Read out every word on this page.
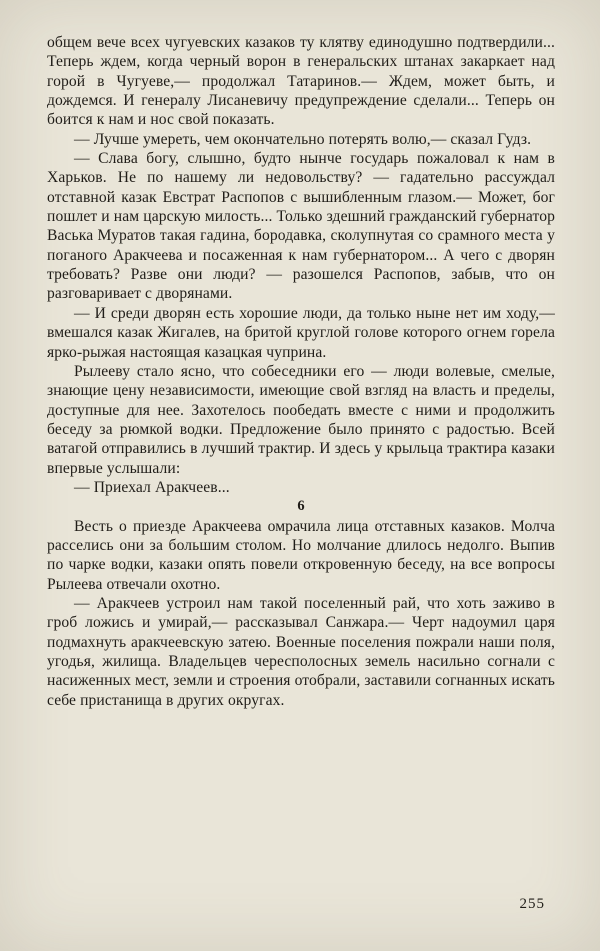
общем вече всех чугуевских казаков ту клятву единодушно подтвердили... Теперь ждем, когда черный ворон в генеральских штанах закаркает над горой в Чугуеве,— продолжал Татаринов.— Ждем, может быть, и дождемся. И генералу Лисаневичу предупреждение сделали... Теперь он боится к нам и нос свой показать.

— Лучше умереть, чем окончательно потерять волю,— сказал Гудз.

— Слава богу, слышно, будто нынче государь пожаловал к нам в Харьков. Не по нашему ли недовольству? — гадательно рассуждал отставной казак Евстрат Распопов с вышибленным глазом.— Может, бог пошлет и нам царскую милость... Только здешний гражданский губернатор Васька Муратов такая гадина, бородавка, сколупнутая со срамного места у поганого Аракчеева и посаженная к нам губернатором... А чего с дворян требовать? Разве они люди? — разошелся Распопов, забыв, что он разговаривает с дворянами.

— И среди дворян есть хорошие люди, да только ныне нет им ходу,— вмешался казак Жигалев, на бритой круглой голове которого огнем горела ярко-рыжая настоящая казацкая чуприна.

Рылееву стало ясно, что собеседники его — люди волевые, смелые, знающие цену независимости, имеющие свой взгляд на власть и пределы, доступные для нее. Захотелось пообедать вместе с ними и продолжить беседу за рюмкой водки. Предложение было принято с радостью. Всей ватагой отправились в лучший трактир. И здесь у крыльца трактира казаки впервые услышали:

— Приехал Аракчеев...

6

Весть о приезде Аракчеева омрачила лица отставных казаков. Молча расселись они за большим столом. Но молчание длилось недолго. Выпив по чарке водки, казаки опять повели откровенную беседу, на все вопросы Рылеева отвечали охотно.

— Аракчеев устроил нам такой поселенный рай, что хоть заживо в гроб ложись и умирай,— рассказывал Санжара.— Черт надоумил царя подмахнуть аракчеевскую затею. Военные поселения пожрали наши поля, угодья, жилища. Владельцев чересполосных земель насильно согнали с насиженных мест, земли и строения отобрали, заставили согнанных искать себе пристанища в других округах.

255
